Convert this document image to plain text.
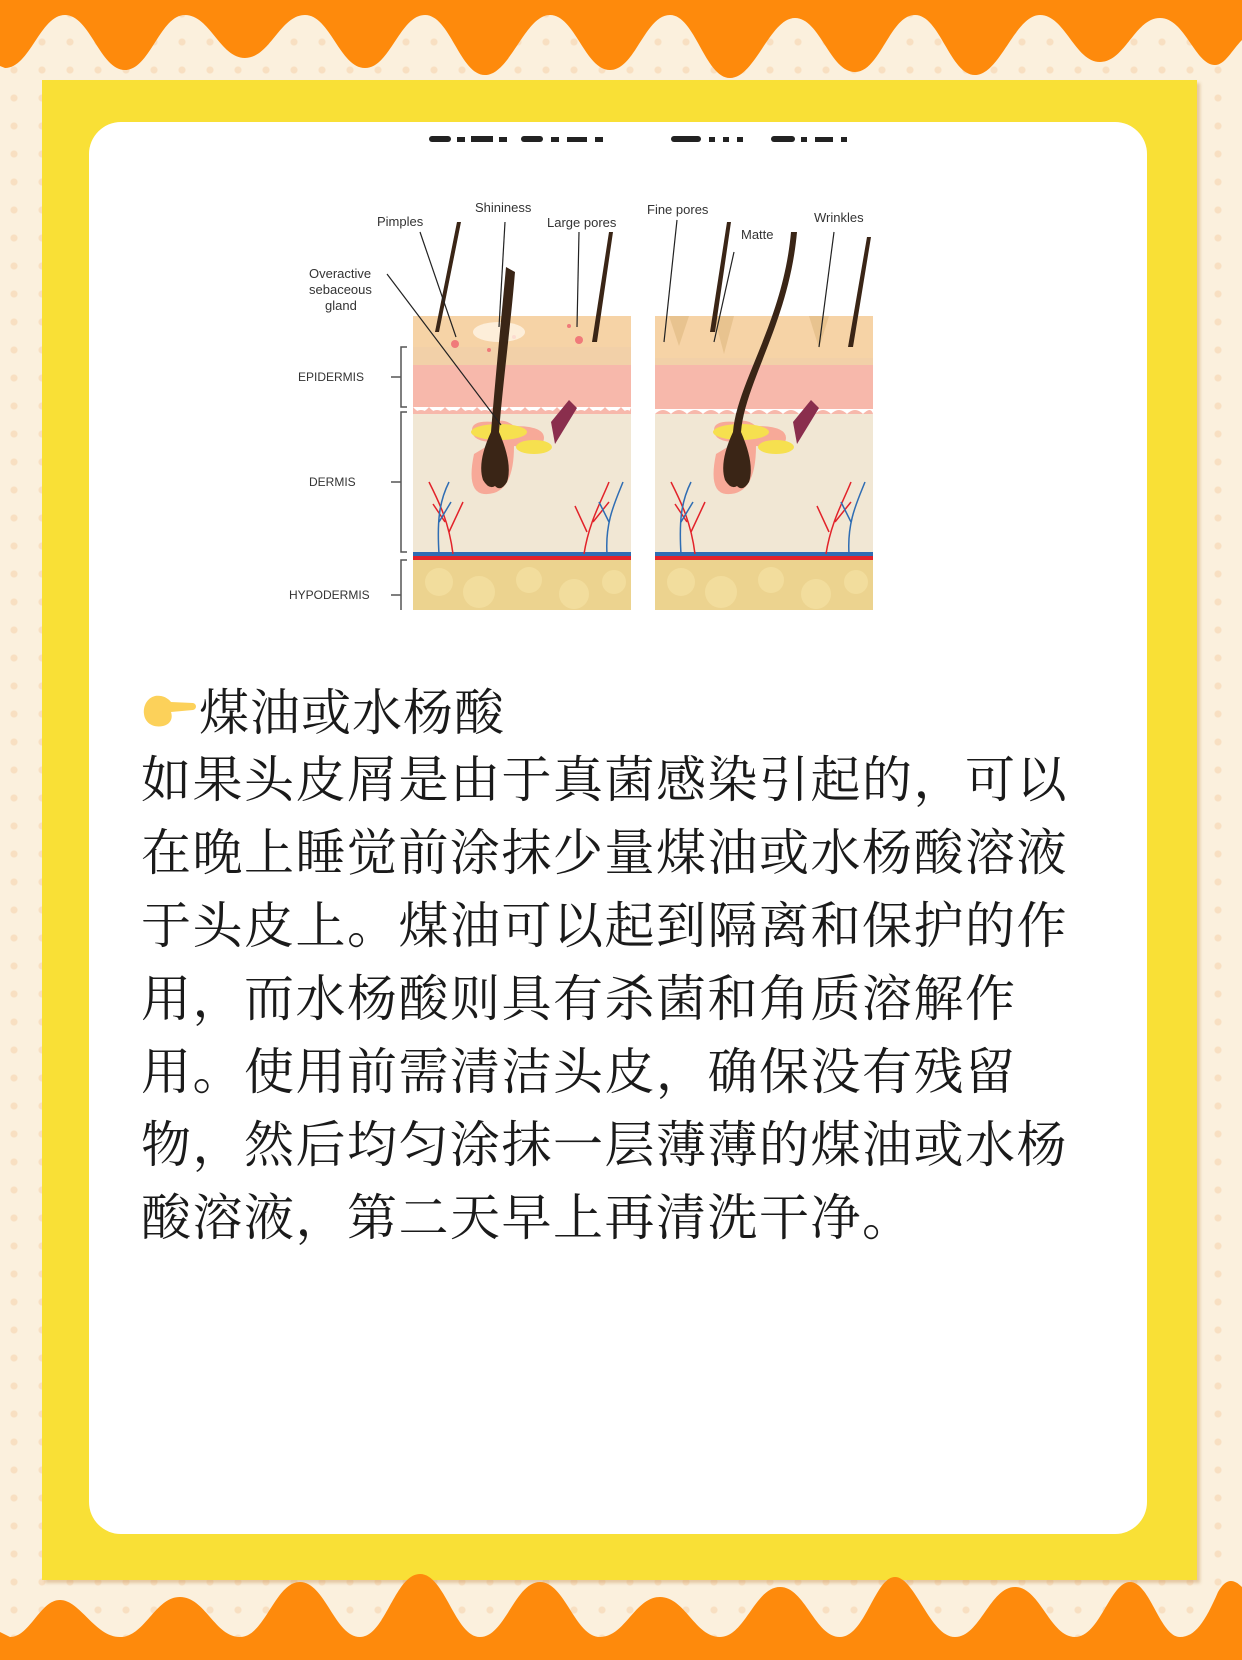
Pimples
Shininess
Large pores
Overactive
sebaceous
gland
Fine pores
Matte
Wrinkles
EPIDERMIS
DERMIS
HYPODERMIS
煤油或水杨酸
如果头皮屑是由于真菌感染引起的，可以在晚上睡觉前涂抹少量煤油或水杨酸溶液于头皮上。煤油可以起到隔离和保护的作用，而水杨酸则具有杀菌和角质溶解作用。使用前需清洁头皮，确保没有残留物，然后均匀涂抹一层薄薄的煤油或水杨酸溶液，第二天早上再清洗干净。
